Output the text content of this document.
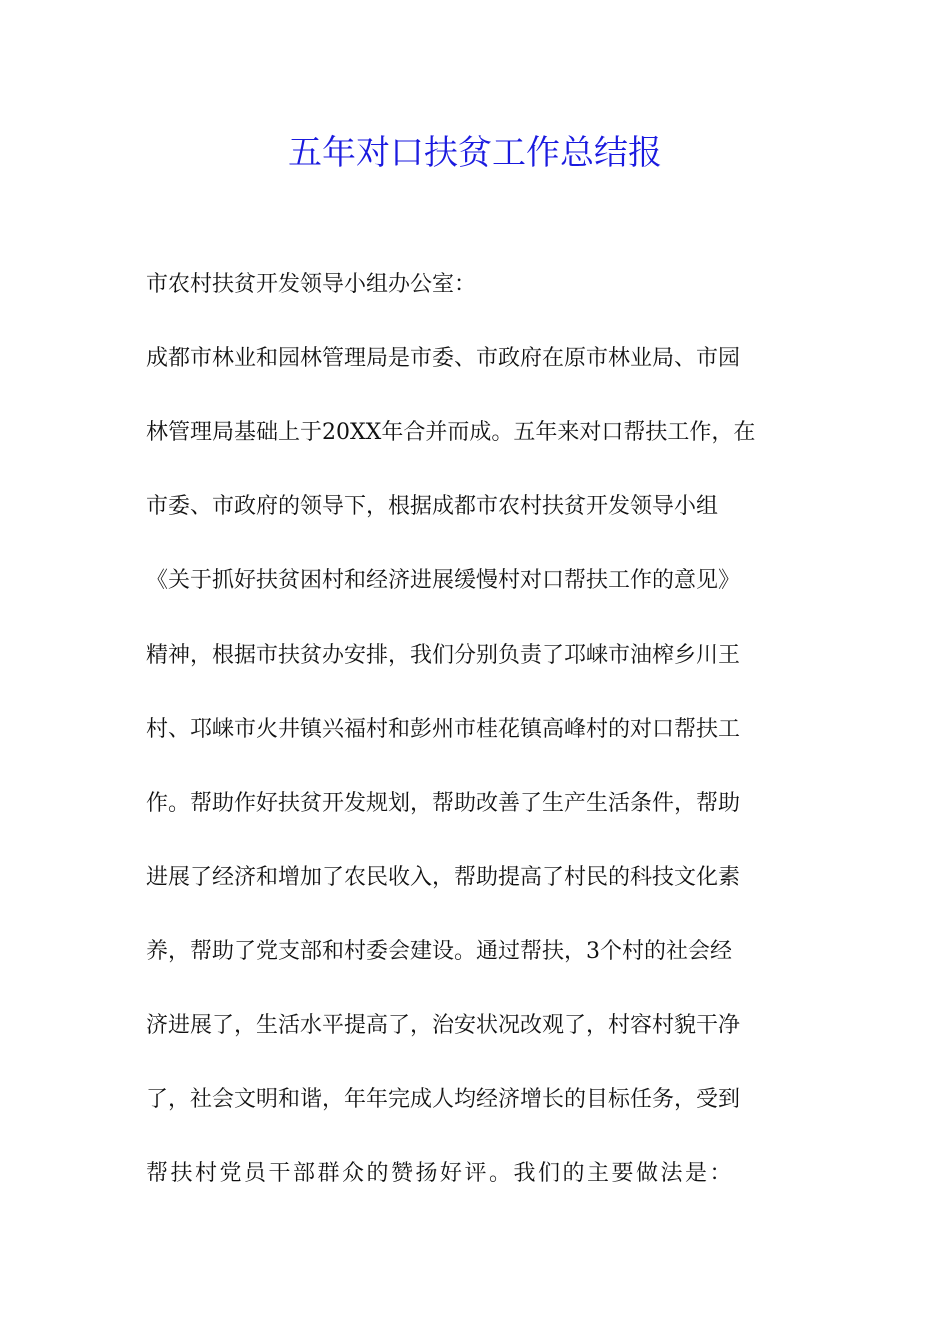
五年对口扶贫工作总结报
市农村扶贫开发领导小组办公室：
成都市林业和园林管理局是市委、市政府在原市林业局、市园
林管理局基础上于20XX年合并而成。五年来对口帮扶工作，在
市委、市政府的领导下，根据成都市农村扶贫开发领导小组
《关于抓好扶贫困村和经济进展缓慢村对口帮扶工作的意见》
精神，根据市扶贫办安排，我们分别负责了邛崃市油榨乡川王
村、邛崃市火井镇兴福村和彭州市桂花镇高峰村的对口帮扶工
作。帮助作好扶贫开发规划，帮助改善了生产生活条件，帮助
进展了经济和增加了农民收入，帮助提高了村民的科技文化素
养，帮助了党支部和村委会建设。通过帮扶，3个村的社会经
济进展了，生活水平提高了，治安状况改观了，村容村貌干净
了，社会文明和谐，年年完成人均经济增长的目标任务，受到
帮扶村党员干部群众的赞扬好评。我们的主要做法是：
